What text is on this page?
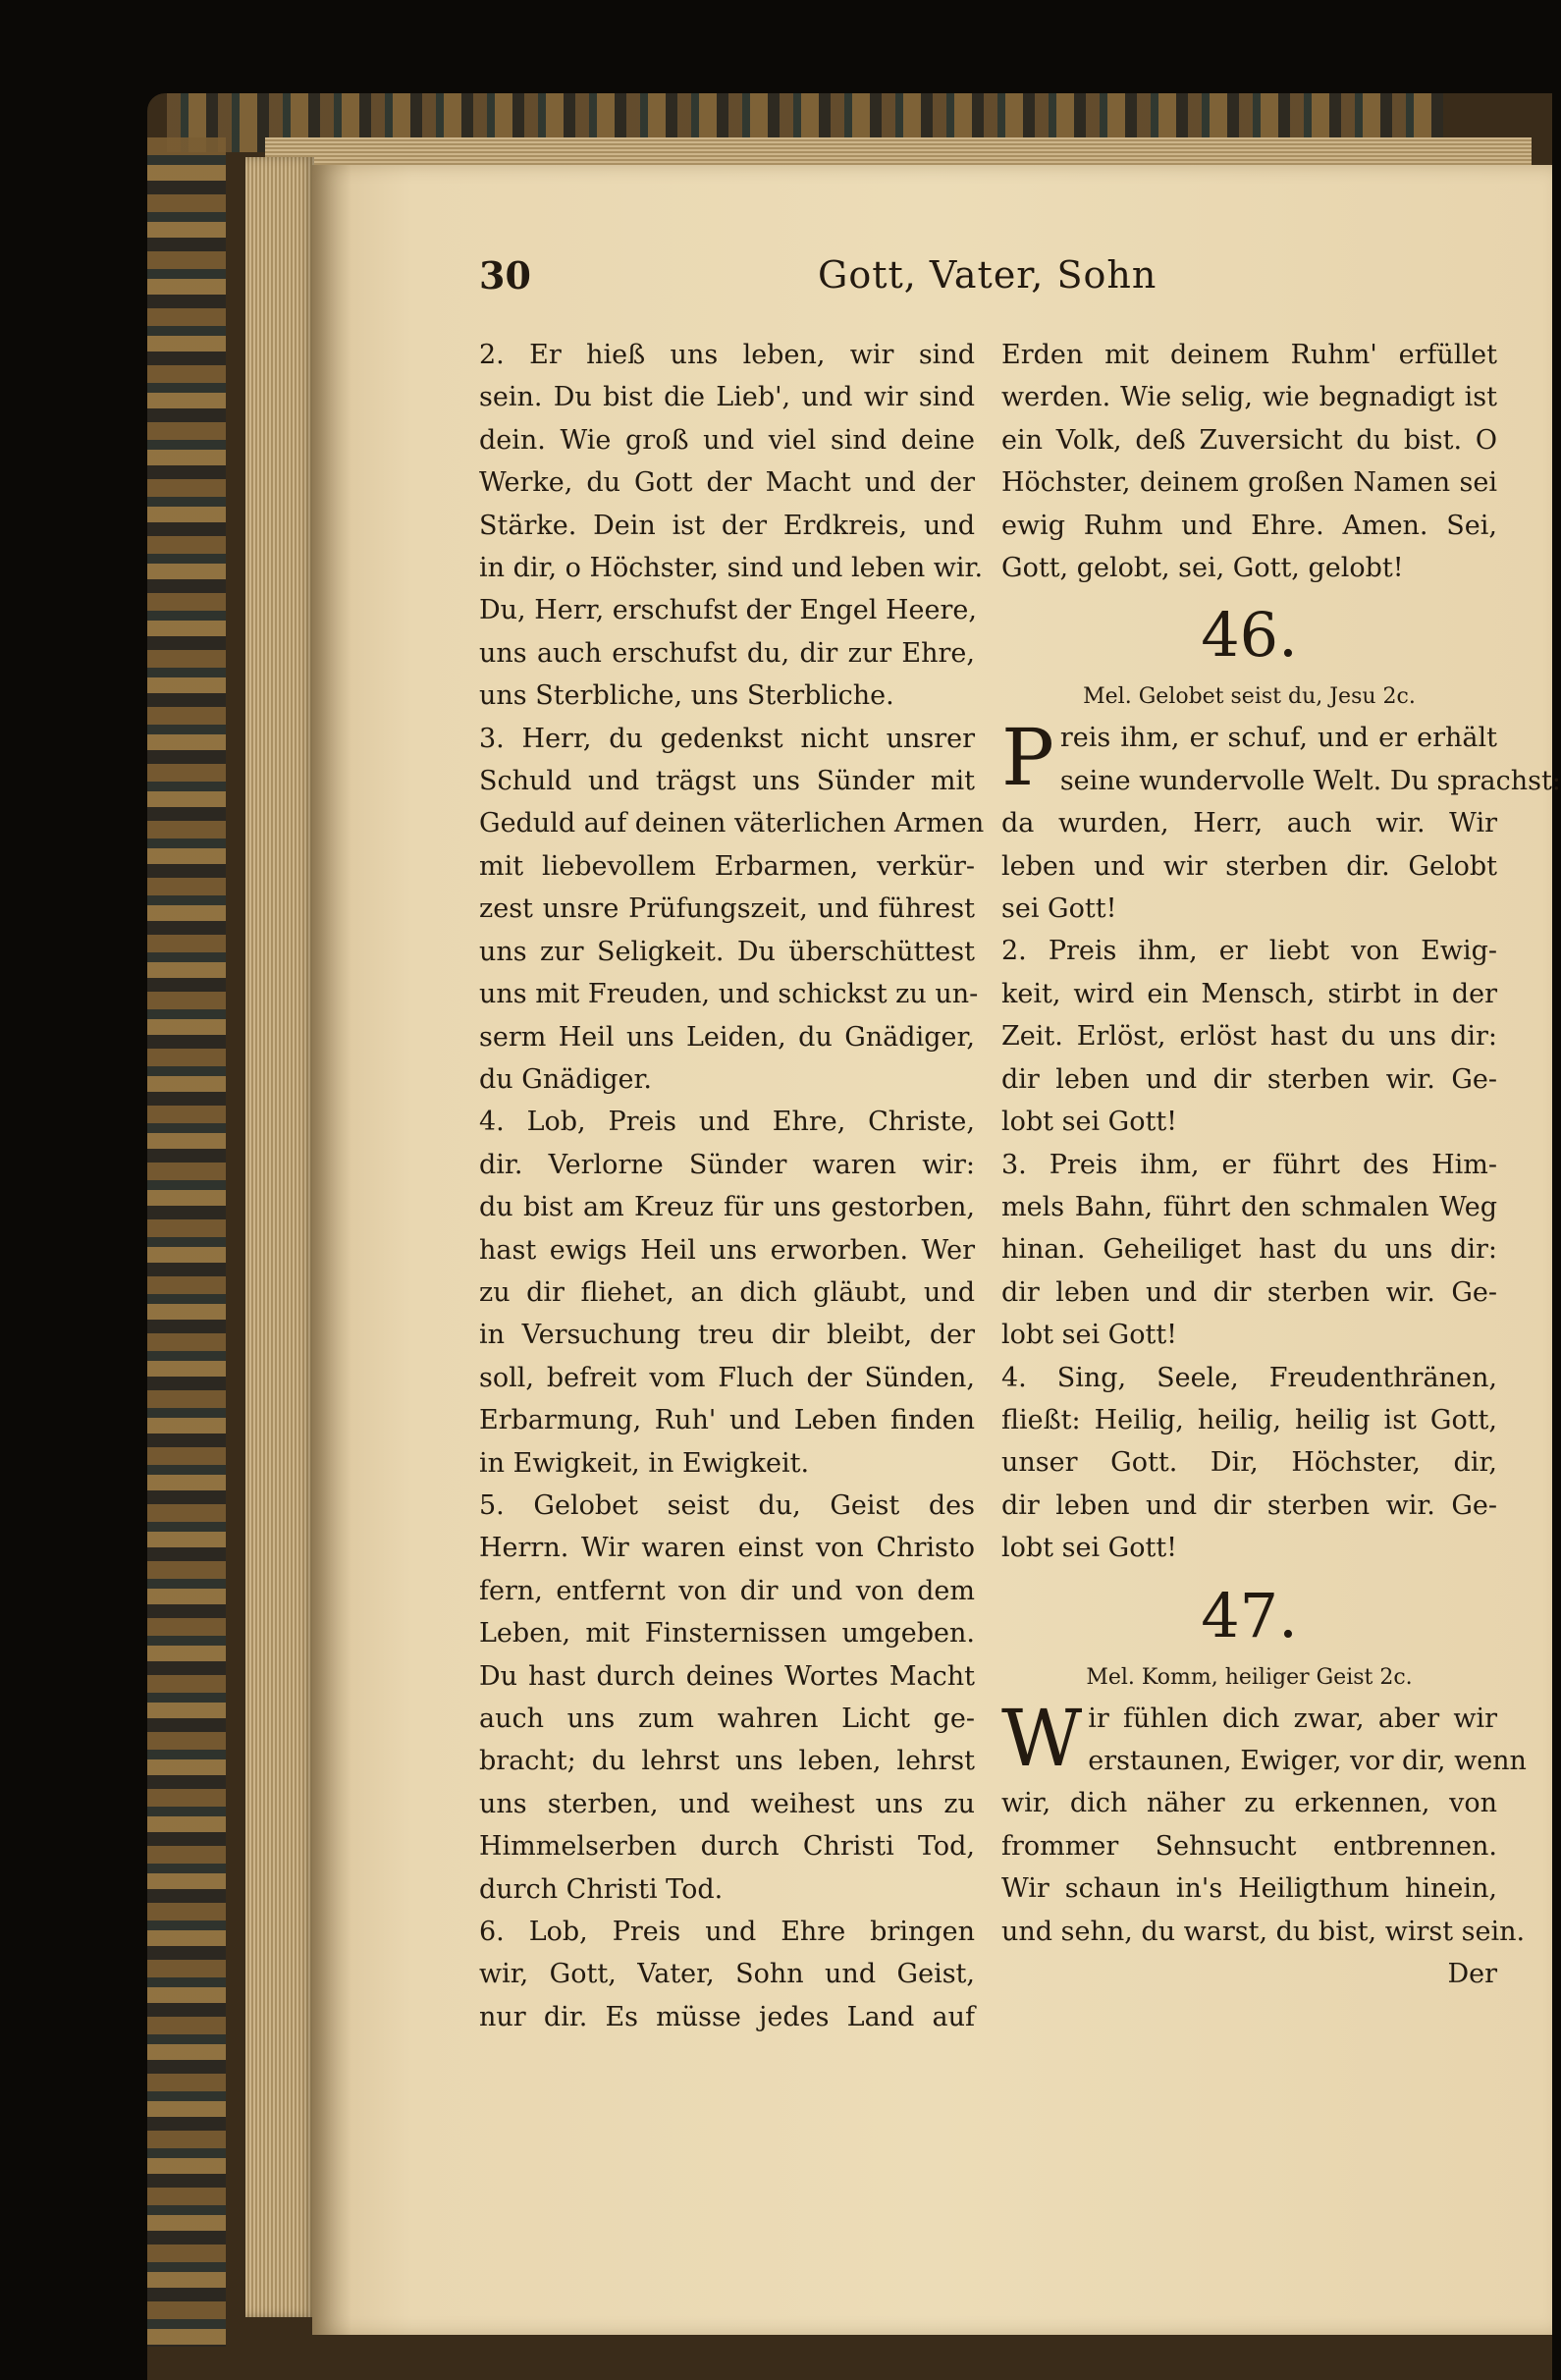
30	Gott, Vater, Sohn
2. Er hieß uns leben, wir sind
sein. Du bist die Lieb', und wir sind
dein. Wie groß und viel sind deine
Werke, du Gott der Macht und der
Stärke. Dein ist der Erdkreis, und
in dir, o Höchster, sind und leben wir.
Du, Herr, erschufst der Engel Heere,
uns auch erschufst du, dir zur Ehre,
uns Sterbliche, uns Sterbliche.
3. Herr, du gedenkst nicht unsrer
Schuld und trägst uns Sünder mit
Geduld auf deinen väterlichen Armen
mit liebevollem Erbarmen, verkür-
zest unsre Prüfungszeit, und führest
uns zur Seligkeit. Du überschüttest
uns mit Freuden, und schickst zu un-
serm Heil uns Leiden, du Gnädiger,
du Gnädiger.
4. Lob, Preis und Ehre, Christe,
dir. Verlorne Sünder waren wir:
du bist am Kreuz für uns gestorben,
hast ewigs Heil uns erworben. Wer
zu dir fliehet, an dich gläubt, und
in Versuchung treu dir bleibt, der
soll, befreit vom Fluch der Sünden,
Erbarmung, Ruh' und Leben finden
in Ewigkeit, in Ewigkeit.
5. Gelobet seist du, Geist des
Herrn. Wir waren einst von Christo
fern, entfernt von dir und von dem
Leben, mit Finsternissen umgeben.
Du hast durch deines Wortes Macht
auch uns zum wahren Licht ge-
bracht; du lehrst uns leben, lehrst
uns sterben, und weihest uns zu
Himmelserben durch Christi Tod,
durch Christi Tod.
6. Lob, Preis und Ehre bringen
wir, Gott, Vater, Sohn und Geist,
nur dir. Es müsse jedes Land auf
Erden mit deinem Ruhm' erfüllet
werden. Wie selig, wie begnadigt ist
ein Volk, deß Zuversicht du bist. O
Höchster, deinem großen Namen sei
ewig Ruhm und Ehre. Amen. Sei,
Gott, gelobt, sei, Gott, gelobt!
46.
Mel. Gelobet seist du, Jesu 2c.
P reis ihm, er schuf, und er erhält
seine wundervolle Welt. Du sprachst:
da wurden, Herr, auch wir. Wir
leben und wir sterben dir. Gelobt
sei Gott!
2. Preis ihm, er liebt von Ewig-
keit, wird ein Mensch, stirbt in der
Zeit. Erlöst, erlöst hast du uns dir:
dir leben und dir sterben wir. Ge-
lobt sei Gott!
3. Preis ihm, er führt des Him-
mels Bahn, führt den schmalen Weg
hinan. Geheiliget hast du uns dir:
dir leben und dir sterben wir. Ge-
lobt sei Gott!
4. Sing, Seele, Freudenthränen,
fließt: Heilig, heilig, heilig ist Gott,
unser Gott. Dir, Höchster, dir,
dir leben und dir sterben wir. Ge-
lobt sei Gott!
47.
Mel. Komm, heiliger Geist 2c.
W ir fühlen dich zwar, aber wir
erstaunen, Ewiger, vor dir, wenn
wir, dich näher zu erkennen, von
frommer Sehnsucht entbrennen.
Wir schaun in's Heiligthum hinein,
und sehn, du warst, du bist, wirst sein.
Der
